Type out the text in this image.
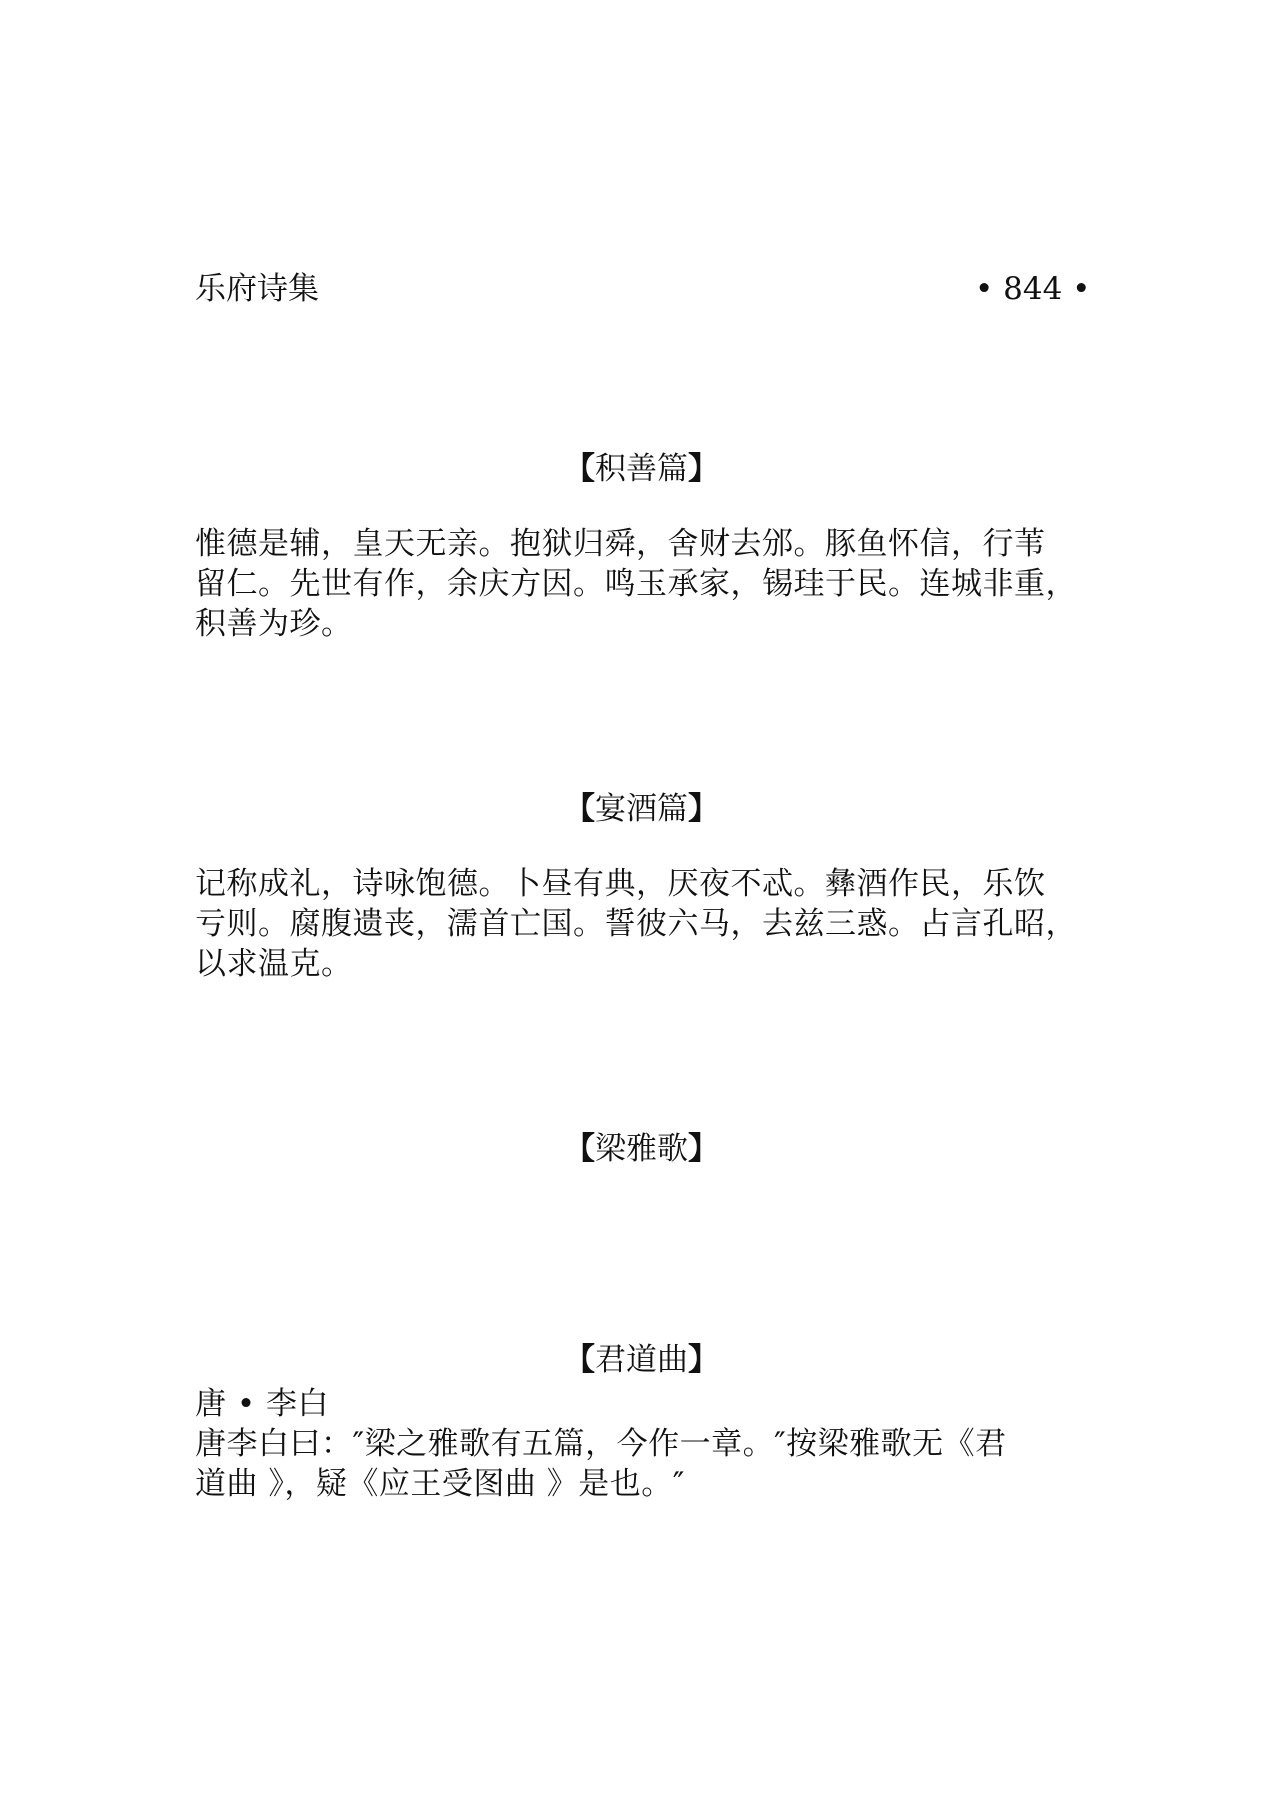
乐府诗集	• 844 •
【积善篇】
惟德是辅，皇天无亲。抱狱归舜，舍财去邠。豚鱼怀信，行苇
留仁。先世有作，余庆方因。鸣玉承家，锡珪于民。连城非重，
积善为珍。
【宴酒篇】
记称成礼，诗咏饱德。卜昼有典，厌夜不忒。彝酒作民，乐饮
亏则。腐腹遗丧，濡首亡国。誓彼六马，去兹三惑。占言孔昭，
以求温克。
【梁雅歌】
【君道曲】
唐 • 李白
唐李白曰：″梁之雅歌有五篇，今作一章。″按梁雅歌无《君
道曲 》，疑《应王受图曲 》是也。″
